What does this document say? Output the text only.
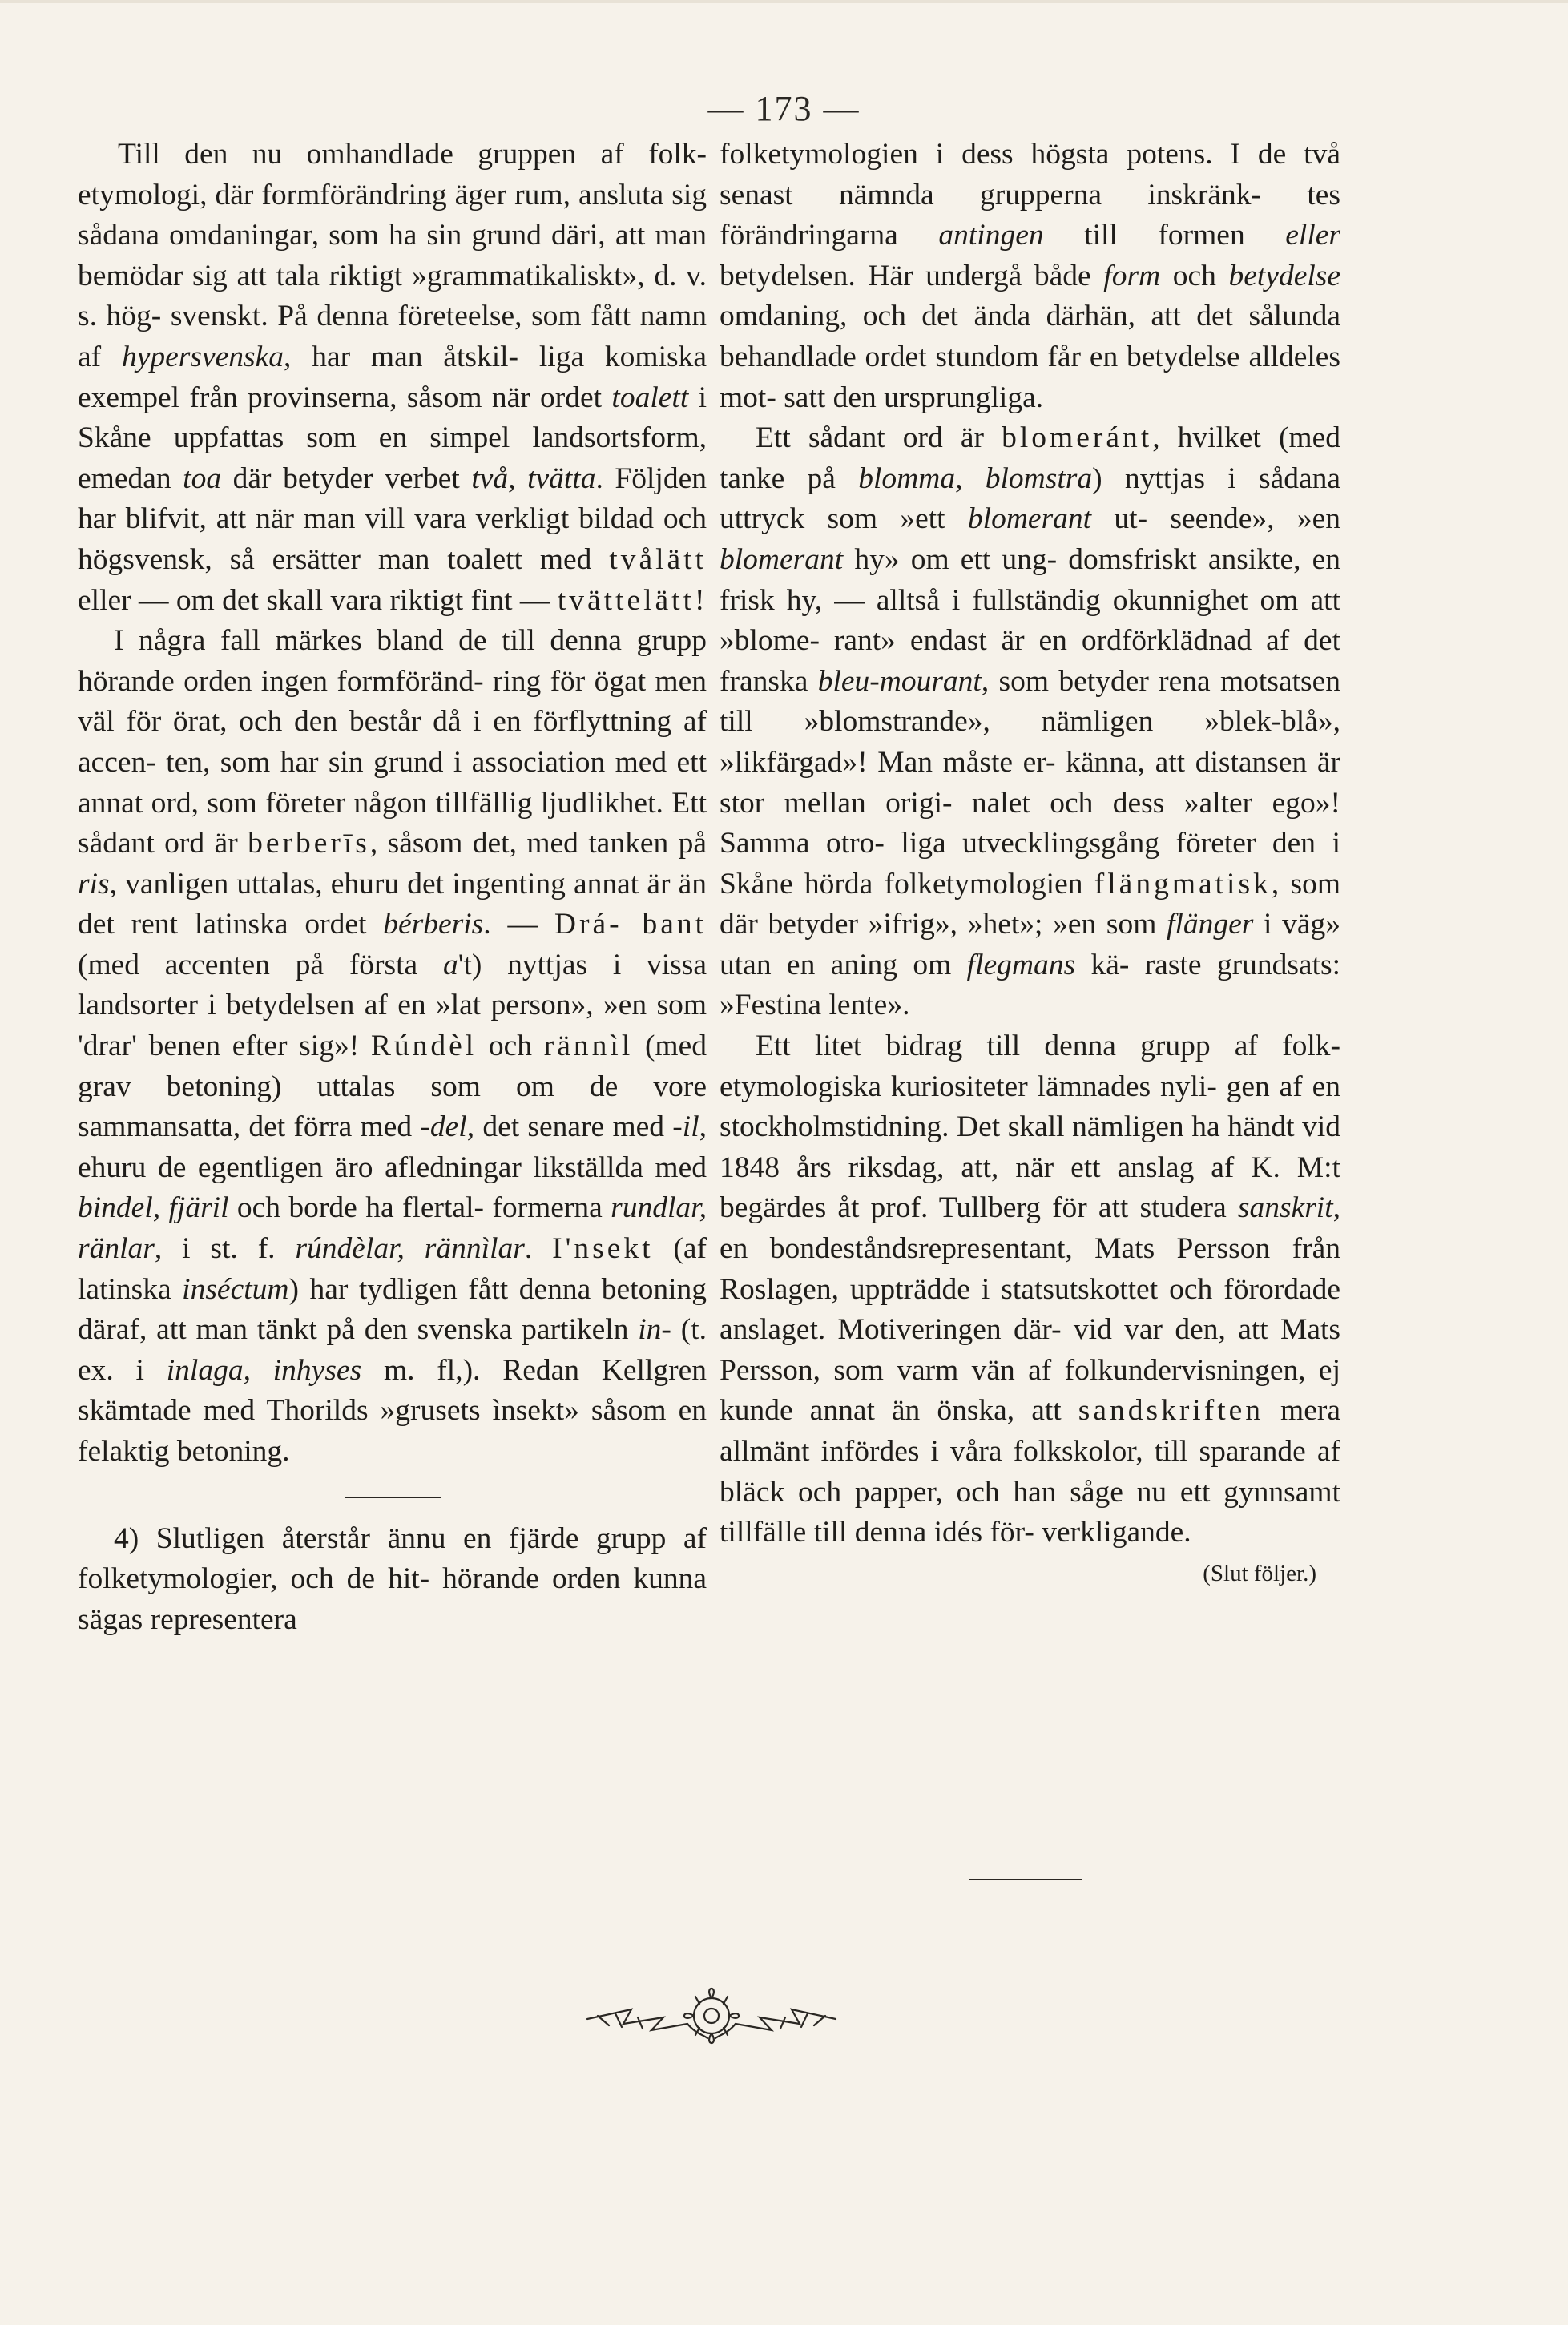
— 173 —

Till den nu omhandlade gruppen af folk- etymologi, där formförändring äger rum, ansluta sig sådana omdaningar, som ha sin grund däri, att man bemödar sig att tala riktigt »grammatikaliskt», d. v. s. hög- svenskt. På denna företeelse, som fått namn af hypersvenska, har man åtskil- liga komiska exempel från provinserna, såsom när ordet toalett i Skåne uppfattas som en simpel landsortsform, emedan toa där betyder verbet två, tvätta. Följden har blifvit, att när man vill vara verkligt bildad och högsvensk, så ersätter man toalett med tvålätt eller — om det skall vara riktigt fint — tvättelätt!

I några fall märkes bland de till denna grupp hörande orden ingen formföränd- ring för ögat men väl för örat, och den består då i en förflyttning af accen- ten, som har sin grund i association med ett annat ord, som företer någon tillfällig ljudlikhet. Ett sådant ord är berberīs, såsom det, med tanken på ris, vanligen uttalas, ehuru det ingenting annat är än det rent latinska ordet bérberis. — Drá- bant (med accenten på första a't) nyttjas i vissa landsorter i betydelsen af en »lat person», »en som 'drar' benen efter sig»! Rúndèl och rännìl (med grav betoning) uttalas som om de vore sammansatta, det förra med -del, det senare med -il, ehuru de egentligen äro afledningar likställda med bindel, fjäril och borde ha flertal- formerna rundlar, ränlar, i st. f. rúndèlar, rännìlar. I'nsekt (af latinska inséctum) har tydligen fått denna betoning däraf, att man tänkt på den svenska partikeln in- (t. ex. i inlaga, inhyses m. fl,). Redan Kellgren skämtade med Thorilds »grusets ìnsekt» såsom en felaktig betoning.

4) Slutligen återstår ännu en fjärde grupp af folketymologier, och de hit- hörande orden kunna sägas representera

folketymologien i dess högsta potens. I de två senast nämnda grupperna inskränk- tes förändringarna antingen till formen eller betydelsen. Här undergå både form och betydelse omdaning, och det ända därhän, att det sålunda behandlade ordet stundom får en betydelse alldeles mot- satt den ursprungliga.

Ett sådant ord är blomeránt, hvilket (med tanke på blomma, blomstra) nyttjas i sådana uttryck som »ett blomerant ut- seende», »en blomerant hy» om ett ung- domsfriskt ansikte, en frisk hy, — alltså i fullständig okunnighet om att »blome- rant» endast är en ordförklädnad af det franska bleu-mourant, som betyder rena motsatsen till »blomstrande», nämligen »blek-blå», »likfärgad»! Man måste er- känna, att distansen är stor mellan origi- nalet och dess »alter ego»! Samma otro- liga utvecklingsgång företer den i Skåne hörda folketymologien flängmatisk, som där betyder »ifrig», »het»; »en som flänger i väg» utan en aning om flegmans kä- raste grundsats: »Festina lente».

Ett litet bidrag till denna grupp af folk- etymologiska kuriositeter lämnades nyli- gen af en stockholmstidning. Det skall nämligen ha händt vid 1848 års riksdag, att, när ett anslag af K. M:t begärdes åt prof. Tullberg för att studera sanskrit, en bondeståndsrepresentant, Mats Persson från Roslagen, uppträdde i statsutskottet och förordade anslaget. Motiveringen där- vid var den, att Mats Persson, som varm vän af folkundervisningen, ej kunde annat än önska, att sandskriften mera allmänt infördes i våra folkskolor, till sparande af bläck och papper, och han såge nu ett gynnsamt tillfälle till denna idés för- verkligande.

(Slut följer.)
